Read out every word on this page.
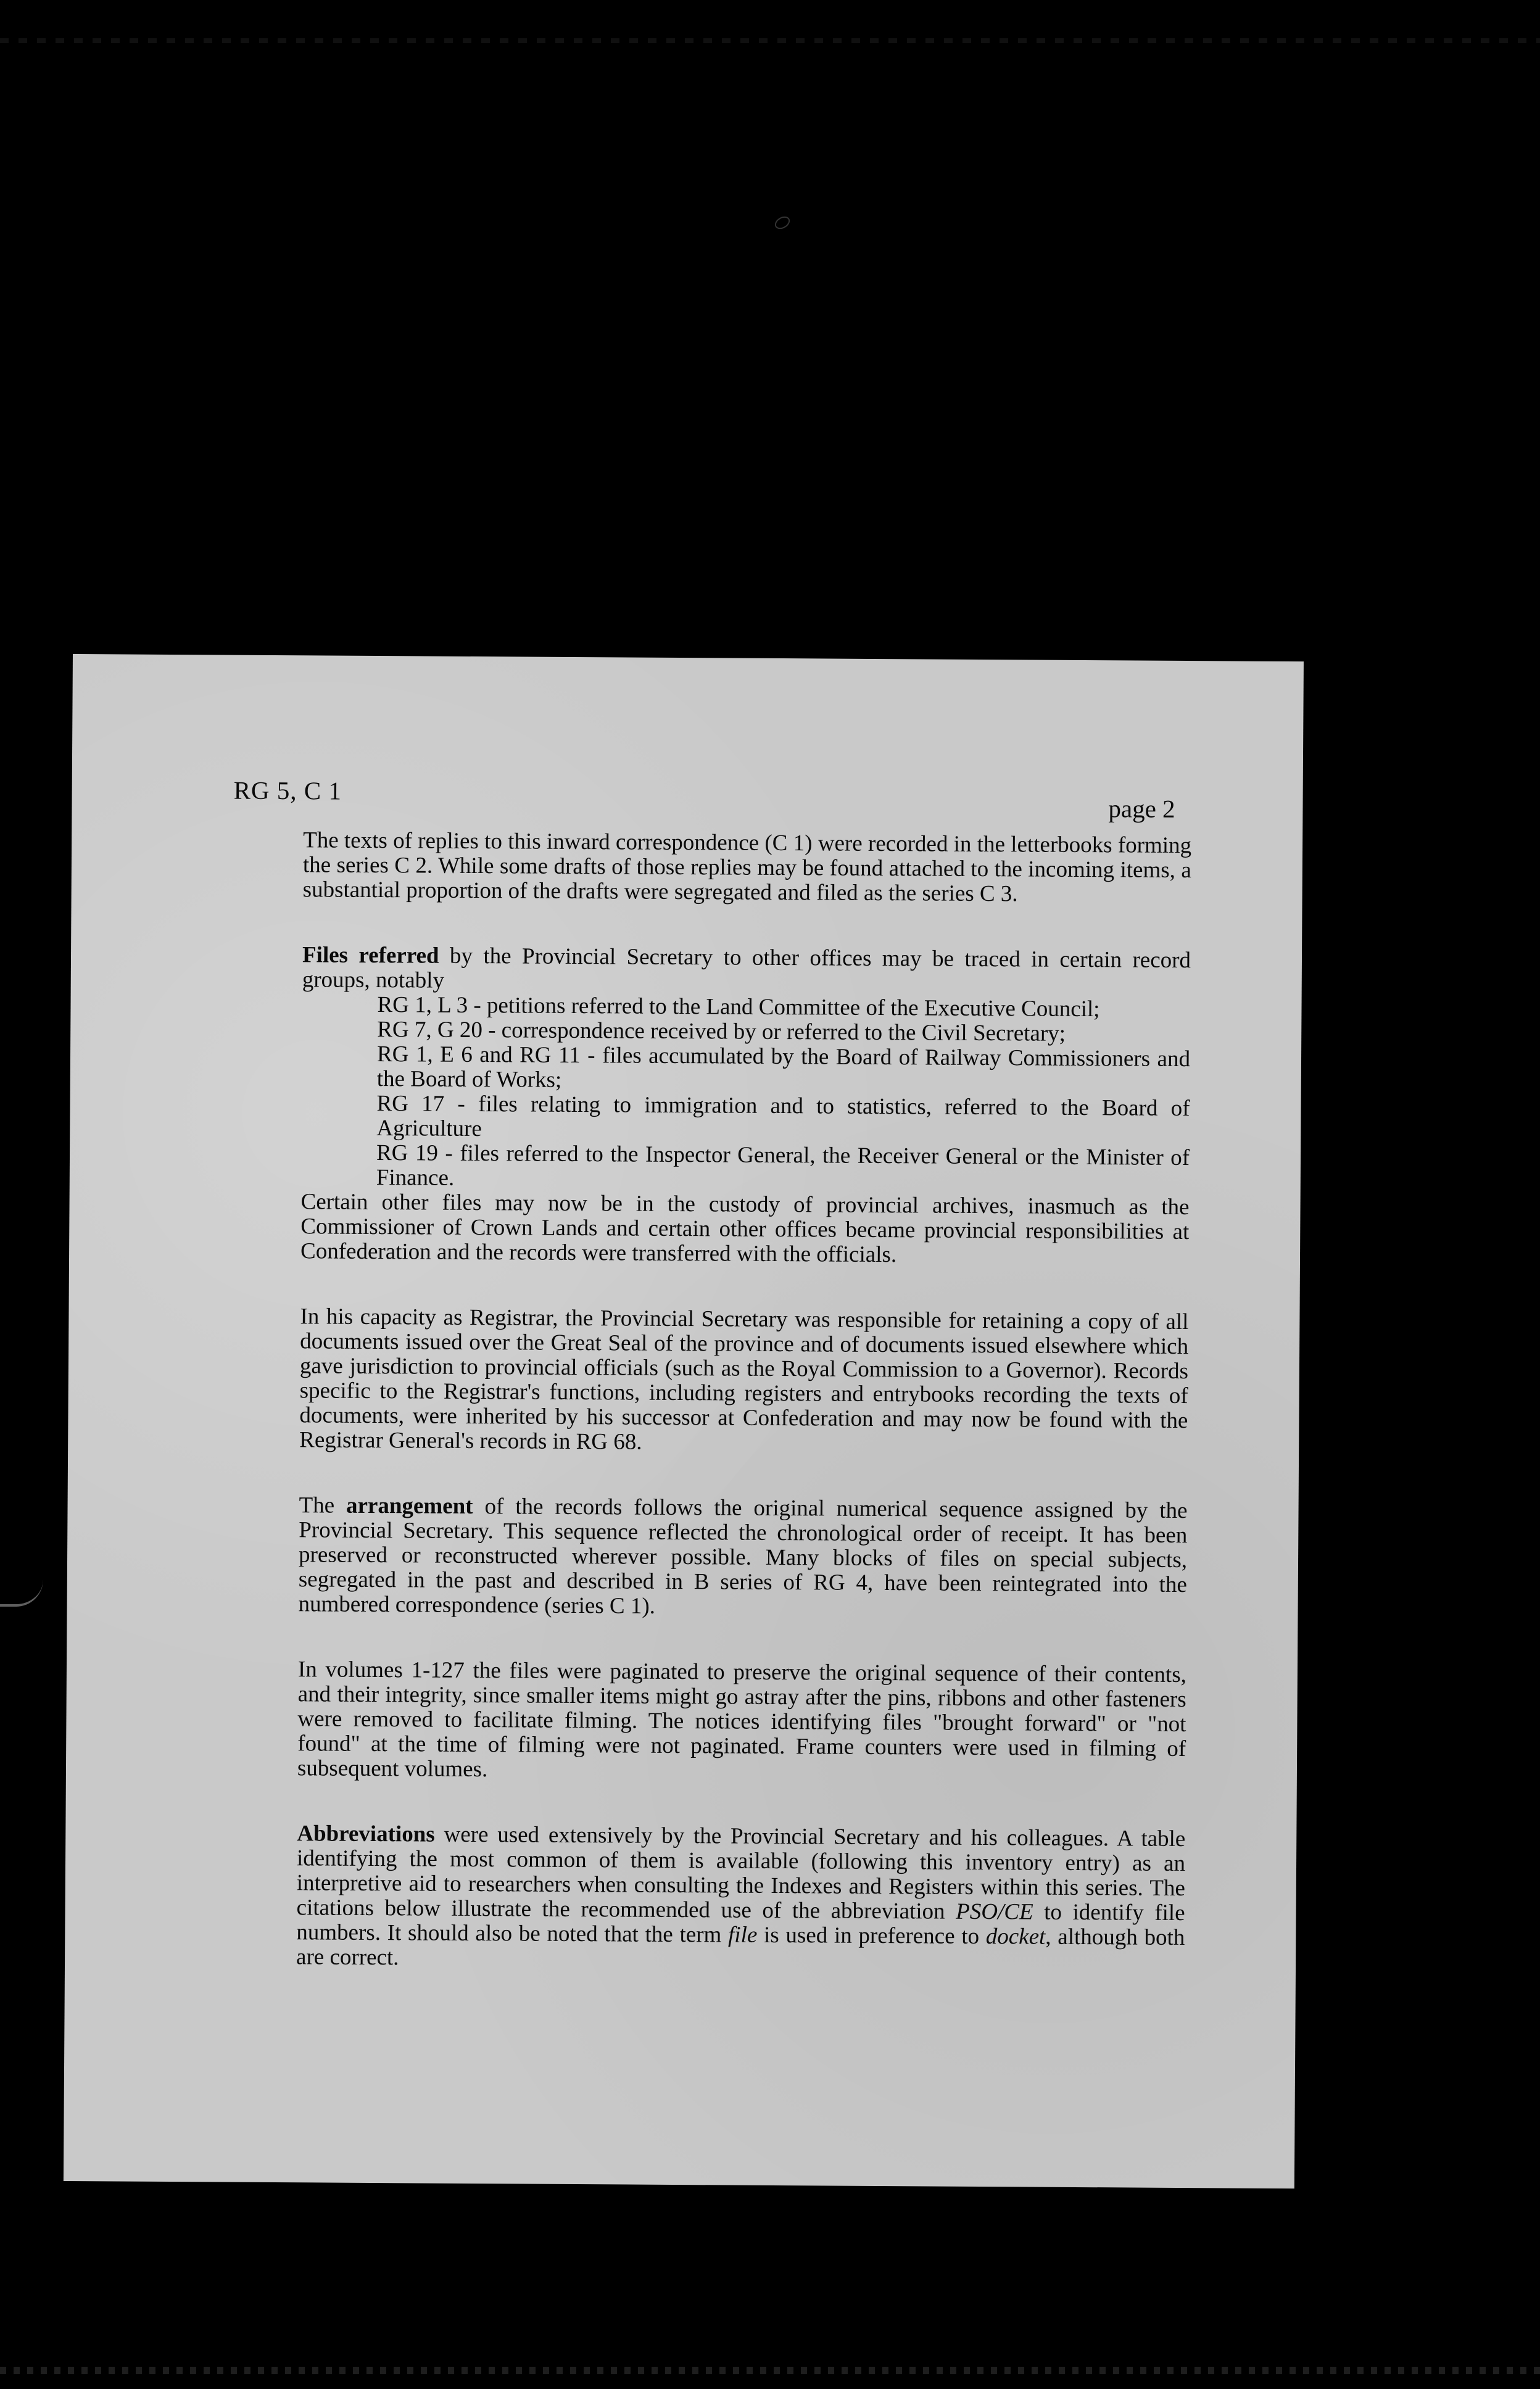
RG 5, C 1
page 2

The texts of replies to this inward correspondence (C 1) were recorded in the letterbooks forming the series C 2. While some drafts of those replies may be found attached to the incoming items, a substantial proportion of the drafts were segregated and filed as the series C 3.

Files referred by the Provincial Secretary to other offices may be traced in certain record groups, notably

RG 1, L 3 - petitions referred to the Land Committee of the Executive Council;
RG 7, G 20 - correspondence received by or referred to the Civil Secretary;
RG 1, E 6 and RG 11 - files accumulated by the Board of Railway Commissioners and the Board of Works;
RG 17 - files relating to immigration and to statistics, referred to the Board of Agriculture
RG 19 - files referred to the Inspector General, the Receiver General or the Minister of Finance.

Certain other files may now be in the custody of provincial archives, inasmuch as the Commissioner of Crown Lands and certain other offices became provincial responsibilities at Confederation and the records were transferred with the officials.

In his capacity as Registrar, the Provincial Secretary was responsible for retaining a copy of all documents issued over the Great Seal of the province and of documents issued elsewhere which gave jurisdiction to provincial officials (such as the Royal Commission to a Governor). Records specific to the Registrar's functions, including registers and entrybooks recording the texts of documents, were inherited by his successor at Confederation and may now be found with the Registrar General's records in RG 68.

The arrangement of the records follows the original numerical sequence assigned by the Provincial Secretary. This sequence reflected the chronological order of receipt. It has been preserved or reconstructed wherever possible. Many blocks of files on special subjects, segregated in the past and described in B series of RG 4, have been reintegrated into the numbered correspondence (series C 1).

In volumes 1-127 the files were paginated to preserve the original sequence of their contents, and their integrity, since smaller items might go astray after the pins, ribbons and other fasteners were removed to facilitate filming. The notices identifying files "brought forward" or "not found" at the time of filming were not paginated. Frame counters were used in filming of subsequent volumes.

Abbreviations were used extensively by the Provincial Secretary and his colleagues. A table identifying the most common of them is available (following this inventory entry) as an interpretive aid to researchers when consulting the Indexes and Registers within this series. The citations below illustrate the recommended use of the abbreviation PSO/CE to identify file numbers. It should also be noted that the term file is used in preference to docket, although both are correct.
